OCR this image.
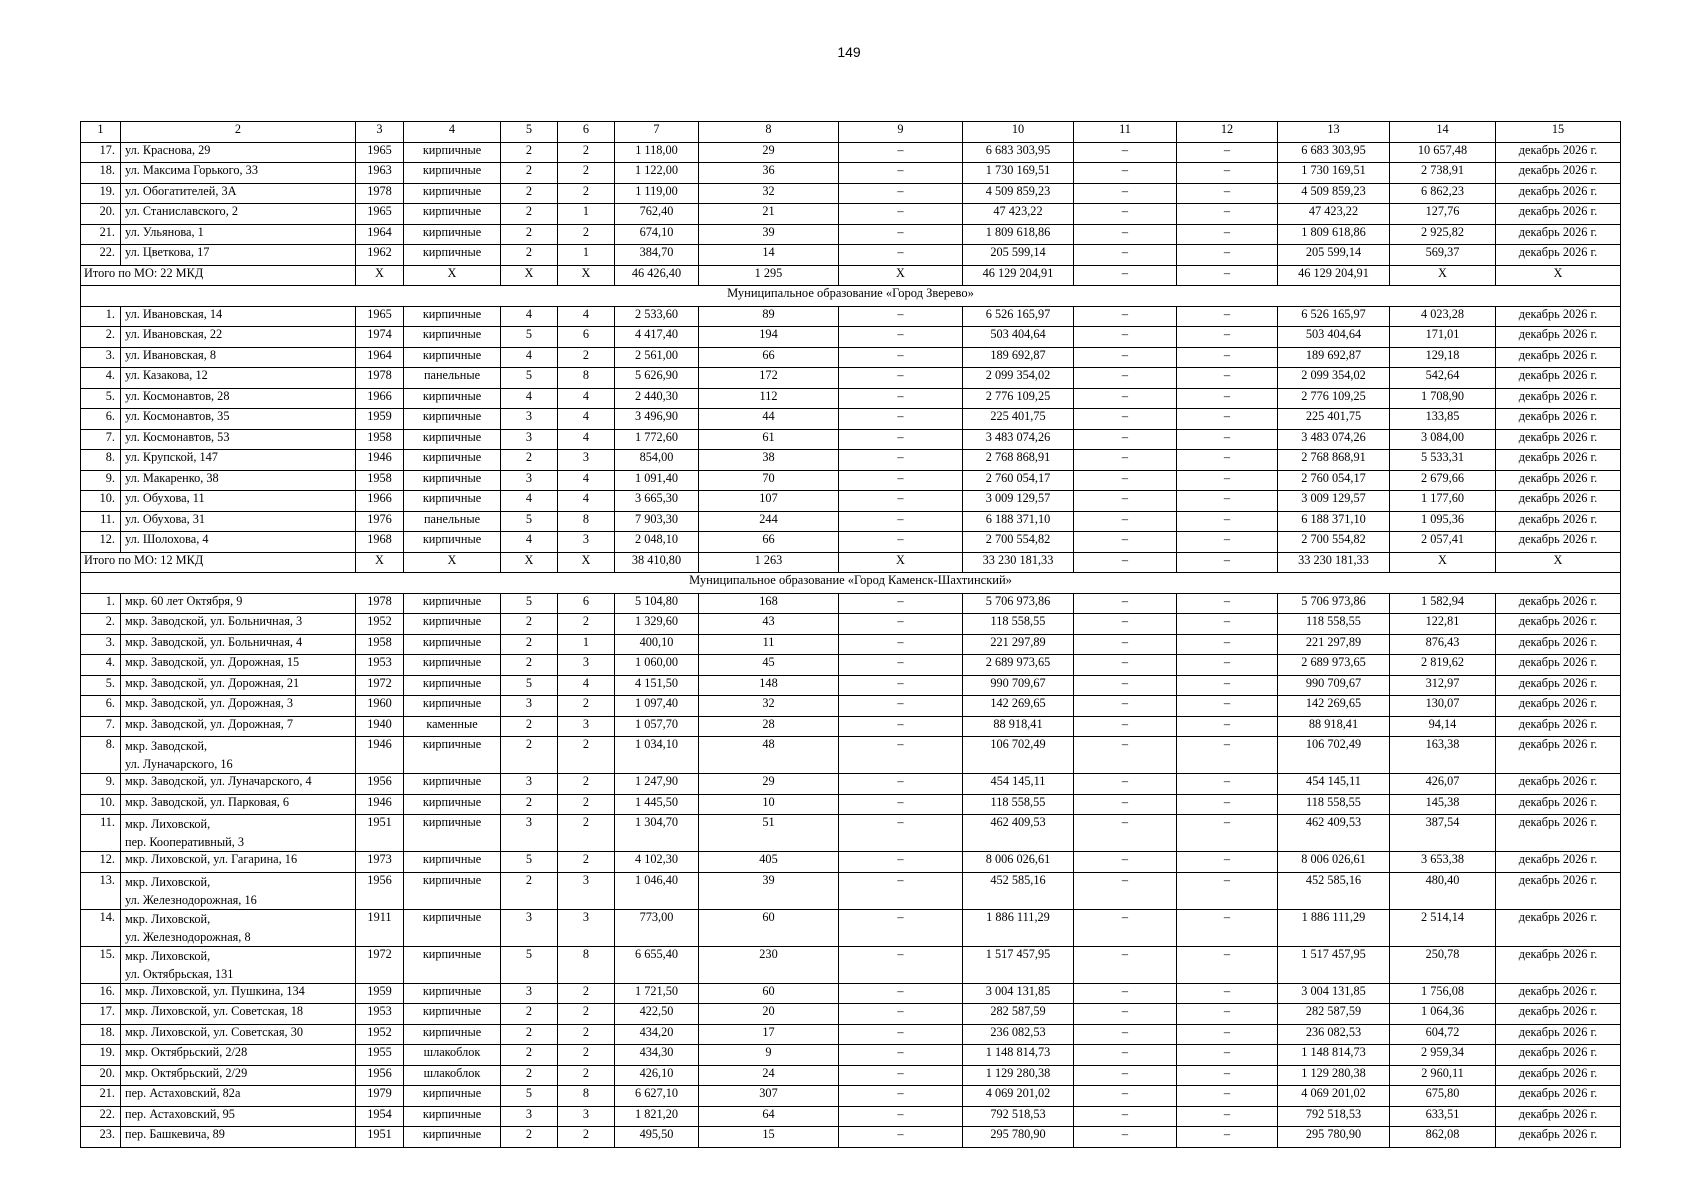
149
1	2	3	4	5	6	7	8	9	10	11	12	13	14	15
17.	ул. Краснова, 29	1965	кирпичные	2	2	1 118,00	29	–	6 683 303,95	–	–	6 683 303,95	10 657,48	декабрь 2026 г.
18.	ул. Максима Горького, 33	1963	кирпичные	2	2	1 122,00	36	–	1 730 169,51	–	–	1 730 169,51	2 738,91	декабрь 2026 г.
19.	ул. Обогатителей, 3А	1978	кирпичные	2	2	1 119,00	32	–	4 509 859,23	–	–	4 509 859,23	6 862,23	декабрь 2026 г.
20.	ул. Станиславского, 2	1965	кирпичные	2	1	762,40	21	–	47 423,22	–	–	47 423,22	127,76	декабрь 2026 г.
21.	ул. Ульянова, 1	1964	кирпичные	2	2	674,10	39	–	1 809 618,86	–	–	1 809 618,86	2 925,82	декабрь 2026 г.
22.	ул. Цветкова, 17	1962	кирпичные	2	1	384,70	14	–	205 599,14	–	–	205 599,14	569,37	декабрь 2026 г.
Итого по МО: 22 МКД		X	X	X	X	46 426,40	1 295	X	46 129 204,91	–	–	46 129 204,91	X	X
Муниципальное образование «Город Зверево»														
1.	ул. Ивановская, 14	1965	кирпичные	4	4	2 533,60	89	–	6 526 165,97	–	–	6 526 165,97	4 023,28	декабрь 2026 г.
2.	ул. Ивановская, 22	1974	кирпичные	5	6	4 417,40	194	–	503 404,64	–	–	503 404,64	171,01	декабрь 2026 г.
3.	ул. Ивановская, 8	1964	кирпичные	4	2	2 561,00	66	–	189 692,87	–	–	189 692,87	129,18	декабрь 2026 г.
4.	ул. Казакова, 12	1978	панельные	5	8	5 626,90	172	–	2 099 354,02	–	–	2 099 354,02	542,64	декабрь 2026 г.
5.	ул. Космонавтов, 28	1966	кирпичные	4	4	2 440,30	112	–	2 776 109,25	–	–	2 776 109,25	1 708,90	декабрь 2026 г.
6.	ул. Космонавтов, 35	1959	кирпичные	3	4	3 496,90	44	–	225 401,75	–	–	225 401,75	133,85	декабрь 2026 г.
7.	ул. Космонавтов, 53	1958	кирпичные	3	4	1 772,60	61	–	3 483 074,26	–	–	3 483 074,26	3 084,00	декабрь 2026 г.
8.	ул. Крупской, 147	1946	кирпичные	2	3	854,00	38	–	2 768 868,91	–	–	2 768 868,91	5 533,31	декабрь 2026 г.
9.	ул. Макаренко, 38	1958	кирпичные	3	4	1 091,40	70	–	2 760 054,17	–	–	2 760 054,17	2 679,66	декабрь 2026 г.
10.	ул. Обухова, 11	1966	кирпичные	4	4	3 665,30	107	–	3 009 129,57	–	–	3 009 129,57	1 177,60	декабрь 2026 г.
11.	ул. Обухова, 31	1976	панельные	5	8	7 903,30	244	–	6 188 371,10	–	–	6 188 371,10	1 095,36	декабрь 2026 г.
12.	ул. Шолохова, 4	1968	кирпичные	4	3	2 048,10	66	–	2 700 554,82	–	–	2 700 554,82	2 057,41	декабрь 2026 г.
Итого по МО: 12 МКД		X	X	X	X	38 410,80	1 263	X	33 230 181,33	–	–	33 230 181,33	X	X
Муниципальное образование «Город Каменск-Шахтинский»														
1.	мкр. 60 лет Октября, 9	1978	кирпичные	5	6	5 104,80	168	–	5 706 973,86	–	–	5 706 973,86	1 582,94	декабрь 2026 г.
2.	мкр. Заводской, ул. Больничная, 3	1952	кирпичные	2	2	1 329,60	43	–	118 558,55	–	–	118 558,55	122,81	декабрь 2026 г.
3.	мкр. Заводской, ул. Больничная, 4	1958	кирпичные	2	1	400,10	11	–	221 297,89	–	–	221 297,89	876,43	декабрь 2026 г.
4.	мкр. Заводской, ул. Дорожная, 15	1953	кирпичные	2	3	1 060,00	45	–	2 689 973,65	–	–	2 689 973,65	2 819,62	декабрь 2026 г.
5.	мкр. Заводской, ул. Дорожная, 21	1972	кирпичные	5	4	4 151,50	148	–	990 709,67	–	–	990 709,67	312,97	декабрь 2026 г.
6.	мкр. Заводской, ул. Дорожная, 3	1960	кирпичные	3	2	1 097,40	32	–	142 269,65	–	–	142 269,65	130,07	декабрь 2026 г.
7.	мкр. Заводской, ул. Дорожная, 7	1940	каменные	2	3	1 057,70	28	–	88 918,41	–	–	88 918,41	94,14	декабрь 2026 г.
8.	мкр. Заводской,
ул. Луначарского, 16	1946	кирпичные	2	2	1 034,10	48	–	106 702,49	–	–	106 702,49	163,38	декабрь 2026 г.
9.	мкр. Заводской, ул. Луначарского, 4	1956	кирпичные	3	2	1 247,90	29	–	454 145,11	–	–	454 145,11	426,07	декабрь 2026 г.
10.	мкр. Заводской, ул. Парковая, 6	1946	кирпичные	2	2	1 445,50	10	–	118 558,55	–	–	118 558,55	145,38	декабрь 2026 г.
11.	мкр. Лиховской,
пер. Кооперативный, 3	1951	кирпичные	3	2	1 304,70	51	–	462 409,53	–	–	462 409,53	387,54	декабрь 2026 г.
12.	мкр. Лиховской, ул. Гагарина, 16	1973	кирпичные	5	2	4 102,30	405	–	8 006 026,61	–	–	8 006 026,61	3 653,38	декабрь 2026 г.
13.	мкр. Лиховской,
ул. Железнодорожная, 16	1956	кирпичные	2	3	1 046,40	39	–	452 585,16	–	–	452 585,16	480,40	декабрь 2026 г.
14.	мкр. Лиховской,
ул. Железнодорожная, 8	1911	кирпичные	3	3	773,00	60	–	1 886 111,29	–	–	1 886 111,29	2 514,14	декабрь 2026 г.
15.	мкр. Лиховской,
ул. Октябрьская, 131	1972	кирпичные	5	8	6 655,40	230	–	1 517 457,95	–	–	1 517 457,95	250,78	декабрь 2026 г.
16.	мкр. Лиховской, ул. Пушкина, 134	1959	кирпичные	3	2	1 721,50	60	–	3 004 131,85	–	–	3 004 131,85	1 756,08	декабрь 2026 г.
17.	мкр. Лиховской, ул. Советская, 18	1953	кирпичные	2	2	422,50	20	–	282 587,59	–	–	282 587,59	1 064,36	декабрь 2026 г.
18.	мкр. Лиховской, ул. Советская, 30	1952	кирпичные	2	2	434,20	17	–	236 082,53	–	–	236 082,53	604,72	декабрь 2026 г.
19.	мкр. Октябрьский, 2/28	1955	шлакоблок	2	2	434,30	9	–	1 148 814,73	–	–	1 148 814,73	2 959,34	декабрь 2026 г.
20.	мкр. Октябрьский, 2/29	1956	шлакоблок	2	2	426,10	24	–	1 129 280,38	–	–	1 129 280,38	2 960,11	декабрь 2026 г.
21.	пер. Астаховский, 82а	1979	кирпичные	5	8	6 627,10	307	–	4 069 201,02	–	–	4 069 201,02	675,80	декабрь 2026 г.
22.	пер. Астаховский, 95	1954	кирпичные	3	3	1 821,20	64	–	792 518,53	–	–	792 518,53	633,51	декабрь 2026 г.
23.	пер. Башкевича, 89	1951	кирпичные	2	2	495,50	15	–	295 780,90	–	–	295 780,90	862,08	декабрь 2026 г.
